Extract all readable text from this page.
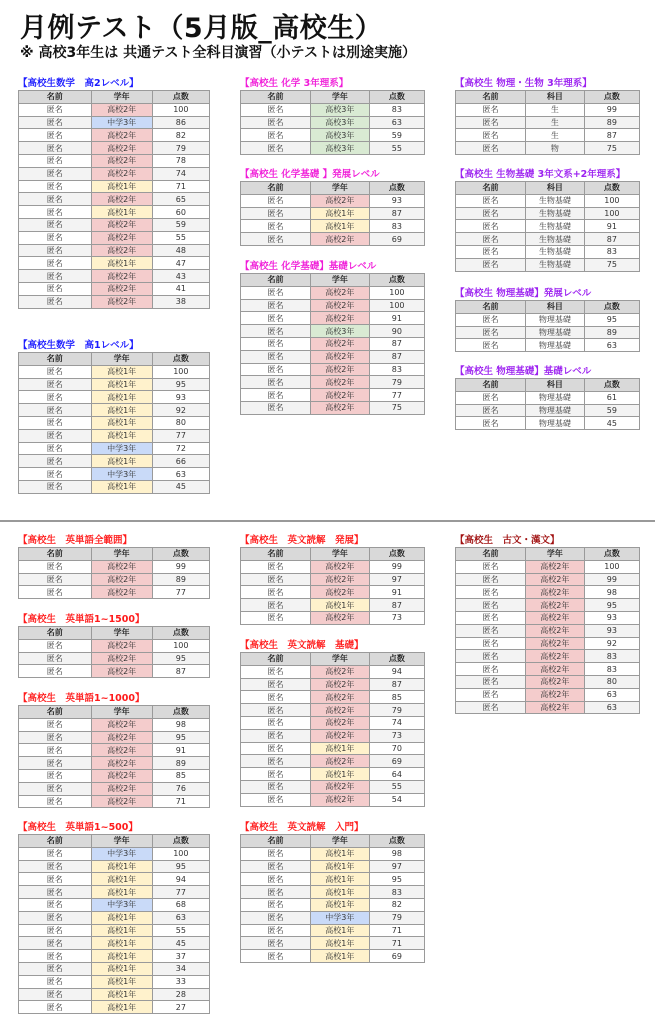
月例テスト（5月版_高校生）
※ 高校3年生は 共通テスト全科目演習（小テストは別途実施）
【高校生数学　高2レベル】
名前	学年	点数
匿名	高校2年	100
匿名	中学3年	86
匿名	高校2年	82
匿名	高校2年	79
匿名	高校2年	78
匿名	高校2年	74
匿名	高校1年	71
匿名	高校2年	65
匿名	高校1年	60
匿名	高校2年	59
匿名	高校2年	55
匿名	高校2年	48
匿名	高校1年	47
匿名	高校2年	43
匿名	高校2年	41
匿名	高校2年	38
【高校生数学　高1レベル】
名前	学年	点数
匿名	高校1年	100
匿名	高校1年	95
匿名	高校1年	93
匿名	高校1年	92
匿名	高校1年	80
匿名	高校1年	77
匿名	中学3年	72
匿名	高校1年	66
匿名	中学3年	63
匿名	高校1年	45
【高校生 化学 3年理系】
名前	学年	点数
匿名	高校3年	83
匿名	高校3年	63
匿名	高校3年	59
匿名	高校3年	55
【高校生 化学基礎 】発展レベル
名前	学年	点数
匿名	高校2年	93
匿名	高校1年	87
匿名	高校1年	83
匿名	高校2年	69
【高校生 化学基礎】基礎レベル
名前	学年	点数
匿名	高校2年	100
匿名	高校2年	100
匿名	高校2年	91
匿名	高校3年	90
匿名	高校2年	87
匿名	高校2年	87
匿名	高校2年	83
匿名	高校2年	79
匿名	高校2年	77
匿名	高校2年	75
【高校生 物理・生物 3年理系】
名前	科目	点数
匿名	生	99
匿名	生	89
匿名	生	87
匿名	物	75
【高校生 生物基礎 3年文系+2年理系】
名前	科目	点数
匿名	生物基礎	100
匿名	生物基礎	100
匿名	生物基礎	91
匿名	生物基礎	87
匿名	生物基礎	83
匿名	生物基礎	75
【高校生 物理基礎】発展レベル
名前	科目	点数
匿名	物理基礎	95
匿名	物理基礎	89
匿名	物理基礎	63
【高校生 物理基礎】基礎レベル
名前	科目	点数
匿名	物理基礎	61
匿名	物理基礎	59
匿名	物理基礎	45
【高校生　英単語全範囲】
名前	学年	点数
匿名	高校2年	99
匿名	高校2年	89
匿名	高校2年	77
【高校生　英単語1~1500】
名前	学年	点数
匿名	高校2年	100
匿名	高校2年	95
匿名	高校2年	87
【高校生　英単語1~1000】
名前	学年	点数
匿名	高校2年	98
匿名	高校2年	95
匿名	高校2年	91
匿名	高校2年	89
匿名	高校2年	85
匿名	高校2年	76
匿名	高校2年	71
【高校生　英単語1~500】
名前	学年	点数
匿名	中学3年	100
匿名	高校1年	95
匿名	高校1年	94
匿名	高校1年	77
匿名	中学3年	68
匿名	高校1年	63
匿名	高校1年	55
匿名	高校1年	45
匿名	高校1年	37
匿名	高校1年	34
匿名	高校1年	33
匿名	高校1年	28
匿名	高校1年	27
【高校生　英文読解　発展】
名前	学年	点数
匿名	高校2年	99
匿名	高校2年	97
匿名	高校2年	91
匿名	高校1年	87
匿名	高校2年	73
【高校生　英文読解　基礎】
名前	学年	点数
匿名	高校2年	94
匿名	高校2年	87
匿名	高校2年	85
匿名	高校2年	79
匿名	高校2年	74
匿名	高校2年	73
匿名	高校1年	70
匿名	高校2年	69
匿名	高校1年	64
匿名	高校2年	55
匿名	高校2年	54
【高校生　英文読解　入門】
名前	学年	点数
匿名	高校1年	98
匿名	高校1年	97
匿名	高校1年	95
匿名	高校1年	83
匿名	高校1年	82
匿名	中学3年	79
匿名	高校1年	71
匿名	高校1年	71
匿名	高校1年	69
【高校生　古文・漢文】
名前	学年	点数
匿名	高校2年	100
匿名	高校2年	99
匿名	高校2年	98
匿名	高校2年	95
匿名	高校2年	93
匿名	高校2年	93
匿名	高校2年	92
匿名	高校2年	83
匿名	高校2年	83
匿名	高校2年	80
匿名	高校2年	63
匿名	高校2年	63
